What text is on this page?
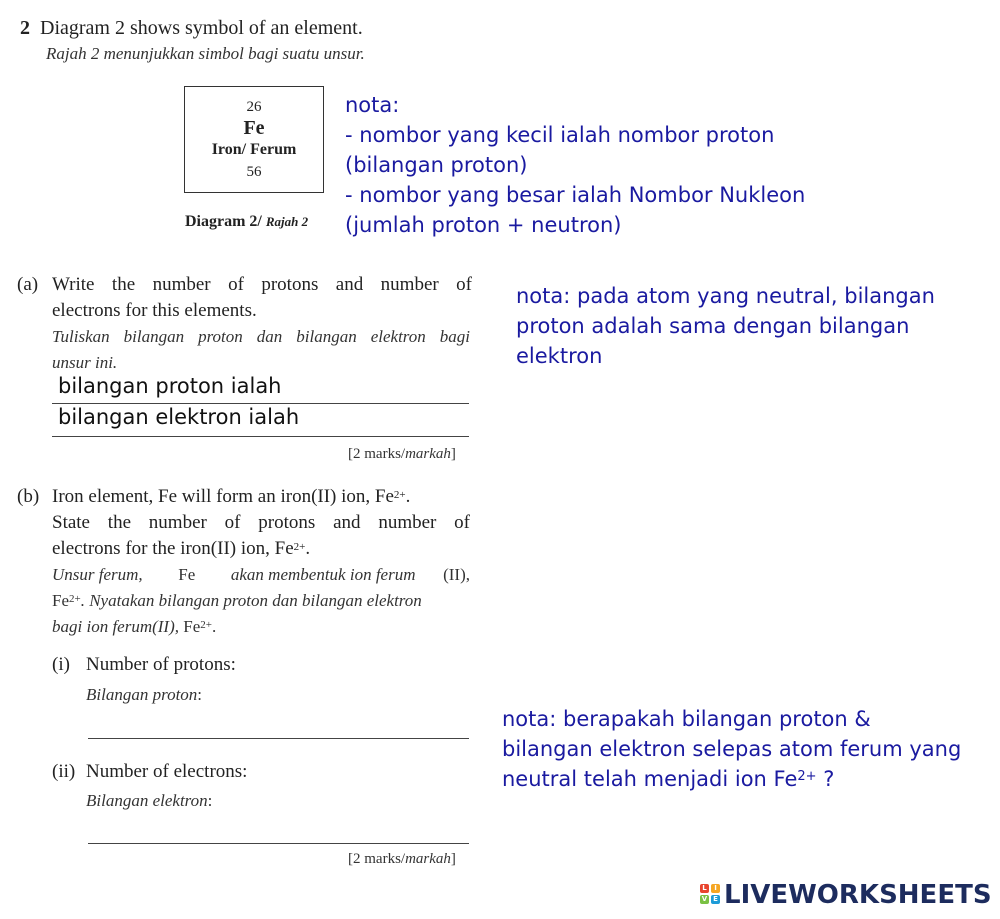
2 Diagram 2 shows symbol of an element.
Rajah 2 menunjukkan simbol bagi suatu unsur.
26
Fe
Iron/ Ferum
56
Diagram 2/ Rajah 2
nota:
- nombor yang kecil ialah nombor proton
(bilangan proton)
- nombor yang besar ialah Nombor Nukleon
(jumlah proton + neutron)
(a) Write the number of protons and number of
electrons for this elements.
Tuliskan bilangan proton dan bilangan elektron bagi
unsur ini.
bilangan proton ialah
bilangan elektron ialah
[2 marks/markah]
nota: pada atom yang neutral, bilangan
proton adalah sama dengan bilangan
elektron
(b) Iron element, Fe will form an iron(II) ion, $Fe^{2+}$.
State the number of protons and number of
electrons for the iron(II) ion, $Fe^{2+}$.
Unsur ferum, Fe akan membentuk ion ferum (II),
$Fe^{2+}$. Nyatakan bilangan proton dan bilangan elektron
bagi ion ferum(II), $Fe^{2+}$.
(i) Number of protons:
Bilangan proton:
(ii) Number of electrons:
Bilangan elektron:
[2 marks/markah]
nota: berapakah bilangan proton &
bilangan elektron selepas atom ferum yang
neutral telah menjadi ion $Fe^{2+}$ ?
L	I
V E LIVEWORKSHEETS
